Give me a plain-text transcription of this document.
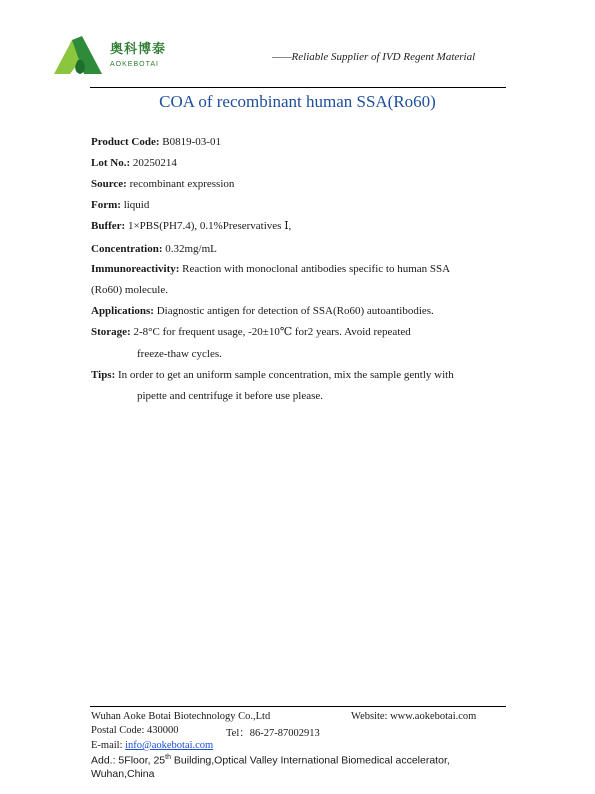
奥科博泰
AOKEBOTAI
——Reliable Supplier of IVD Regent Material
COA of recombinant human SSA(Ro60)
Product Code: B0819-03-01
Lot No.: 20250214
Source: recombinant expression
Form: liquid
Buffer: 1×PBS(PH7.4), 0.1%Preservatives Ⅰ,
Concentration: 0.32mg/mL
Immunoreactivity: Reaction with monoclonal antibodies specific to human SSA
(Ro60) molecule.
Applications: Diagnostic antigen for detection of SSA(Ro60) autoantibodies.
Storage: 2-8°C for frequent usage, -20±10℃ for2 years. Avoid repeated
freeze-thaw cycles.
Tips: In order to get an uniform sample concentration, mix the sample gently with
pipette and centrifuge it before use please.
Wuhan Aoke Botai Biotechnology Co.,Ltd	Website: www.aokebotai.com
Postal Code: 430000	Tel：86-27-87002913
E-mail: info@aokebotai.com
Add.: 5Floor, 25th Building,Optical Valley International Biomedical accelerator,
Wuhan,China
